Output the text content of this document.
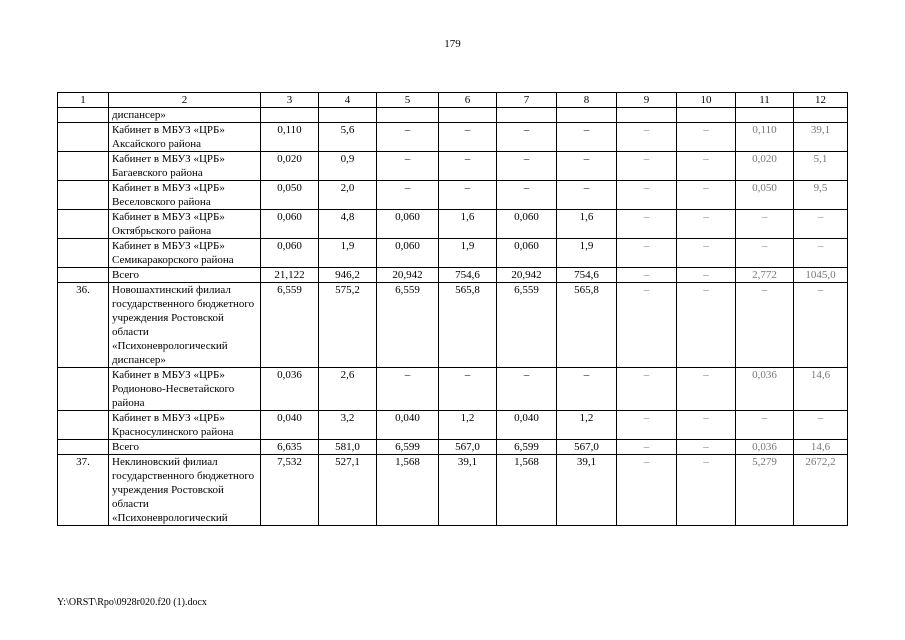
179
1	2	3	4	5	6	7	8	9	10	11	12
	диспансер»										
	Кабинет в МБУЗ «ЦРБ» Аксайского района	0,110	5,6	–	–	–	–	–	–	0,110	39,1
	Кабинет в МБУЗ «ЦРБ» Багаевского района	0,020	0,9	–	–	–	–	–	–	0,020	5,1
	Кабинет в МБУЗ «ЦРБ» Веселовского района	0,050	2,0	–	–	–	–	–	–	0,050	9,5
	Кабинет в МБУЗ «ЦРБ» Октябрьского района	0,060	4,8	0,060	1,6	0,060	1,6	–	–	–	–
	Кабинет в МБУЗ «ЦРБ» Семикаракорского района	0,060	1,9	0,060	1,9	0,060	1,9	–	–	–	–
	Всего	21,122	946,2	20,942	754,6	20,942	754,6	–	–	2,772	1045,0
36.	Новошахтинский филиал государственного бюджетного учреждения Ростовской области «Психоневрологический диспансер»	6,559	575,2	6,559	565,8	6,559	565,8	–	–	–	–
	Кабинет в МБУЗ «ЦРБ» Родионово-Несветайского района	0,036	2,6	–	–	–	–	–	–	0,036	14,6
	Кабинет в МБУЗ «ЦРБ» Красносулинского района	0,040	3,2	0,040	1,2	0,040	1,2	–	–	–	–
	Всего	6,635	581,0	6,599	567,0	6,599	567,0	–	–	0,036	14,6
37.	Неклиновский филиал государственного бюджетного учреждения Ростовской области «Психоневрологический	7,532	527,1	1,568	39,1	1,568	39,1	–	–	5,279	2672,2
Y:\ORST\Rpo\0928r020.f20 (1).docx
